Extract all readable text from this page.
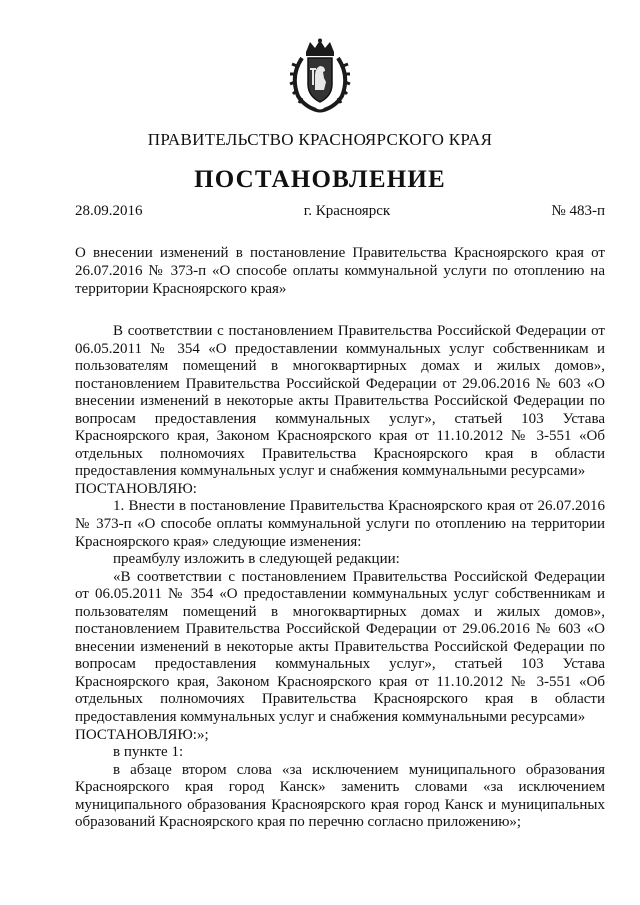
ПРАВИТЕЛЬСТВО КРАСНОЯРСКОГО КРАЯ
ПОСТАНОВЛЕНИЕ
28.09.2016	г. Красноярск	№ 483-п
О внесении изменений в постановление Правительства Красноярского края от 26.07.2016 № 373-п «О способе оплаты коммунальной услуги по отоплению на территории Красноярского края»

В соответствии с постановлением Правительства Российской Федерации от 06.05.2011 № 354 «О предоставлении коммунальных услуг собственникам и пользователям помещений в многоквартирных домах и жилых домов», постановлением Правительства Российской Федерации от 29.06.2016 № 603 «О внесении изменений в некоторые акты Правительства Российской Федерации по вопросам предоставления коммунальных услуг», статьей 103 Устава Красноярского края, Законом Красноярского края от 11.10.2012 № 3-551 «Об отдельных полномочиях Правительства Красноярского края в области предоставления коммунальных услуг и снабжения коммунальными ресурсами»

ПОСТАНОВЛЯЮ:

1. Внести в постановление Правительства Красноярского края от 26.07.2016 № 373-п «О способе оплаты коммунальной услуги по отоплению на территории Красноярского края» следующие изменения:

преамбулу изложить в следующей редакции:

«В соответствии с постановлением Правительства Российской Федерации от 06.05.2011 № 354 «О предоставлении коммунальных услуг собственникам и пользователям помещений в многоквартирных домах и жилых домов», постановлением Правительства Российской Федерации от 29.06.2016 № 603 «О внесении изменений в некоторые акты Правительства Российской Федерации по вопросам предоставления коммунальных услуг», статьей 103 Устава Красноярского края, Законом Красноярского края от 11.10.2012 № 3-551 «Об отдельных полномочиях Правительства Красноярского края в области предоставления коммунальных услуг и снабжения коммунальными ресурсами»

ПОСТАНОВЛЯЮ:»;

в пункте 1:

в абзаце втором слова «за исключением муниципального образования Красноярского края город Канск» заменить словами «за исключением муниципального образования Красноярского края город Канск и муниципальных образований Красноярского края по перечню согласно приложению»;
